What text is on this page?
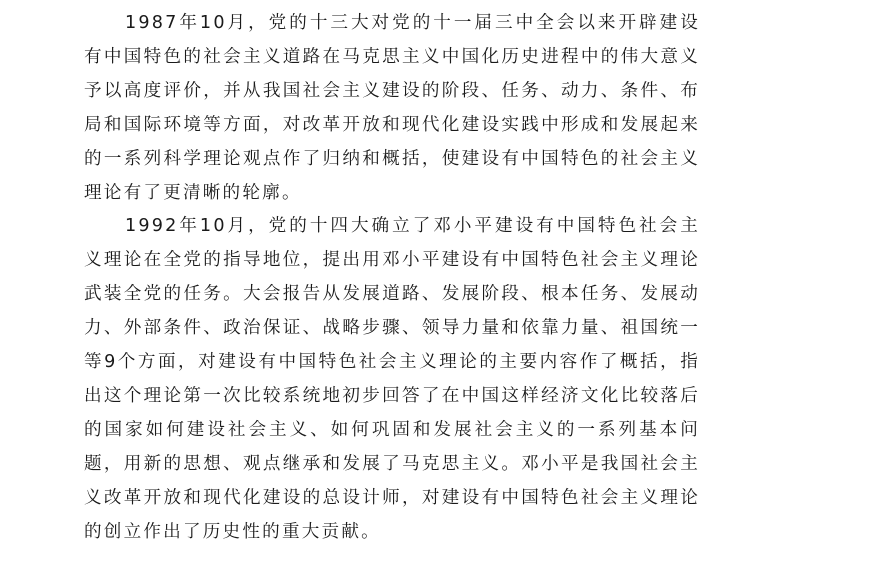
1987年10月，党的十三大对党的十一届三中全会以来开辟建设有中国特色的社会主义道路在马克思主义中国化历史进程中的伟大意义予以高度评价，并从我国社会主义建设的阶段、任务、动力、条件、布局和国际环境等方面，对改革开放和现代化建设实践中形成和发展起来的一系列科学理论观点作了归纳和概括，使建设有中国特色的社会主义理论有了更清晰的轮廓。

1992年10月，党的十四大确立了邓小平建设有中国特色社会主义理论在全党的指导地位，提出用邓小平建设有中国特色社会主义理论武装全党的任务。大会报告从发展道路、发展阶段、根本任务、发展动力、外部条件、政治保证、战略步骤、领导力量和依靠力量、祖国统一等9个方面，对建设有中国特色社会主义理论的主要内容作了概括，指出这个理论第一次比较系统地初步回答了在中国这样经济文化比较落后的国家如何建设社会主义、如何巩固和发展社会主义的一系列基本问题，用新的思想、观点继承和发展了马克思主义。邓小平是我国社会主义改革开放和现代化建设的总设计师，对建设有中国特色社会主义理论的创立作出了历史性的重大贡献。
